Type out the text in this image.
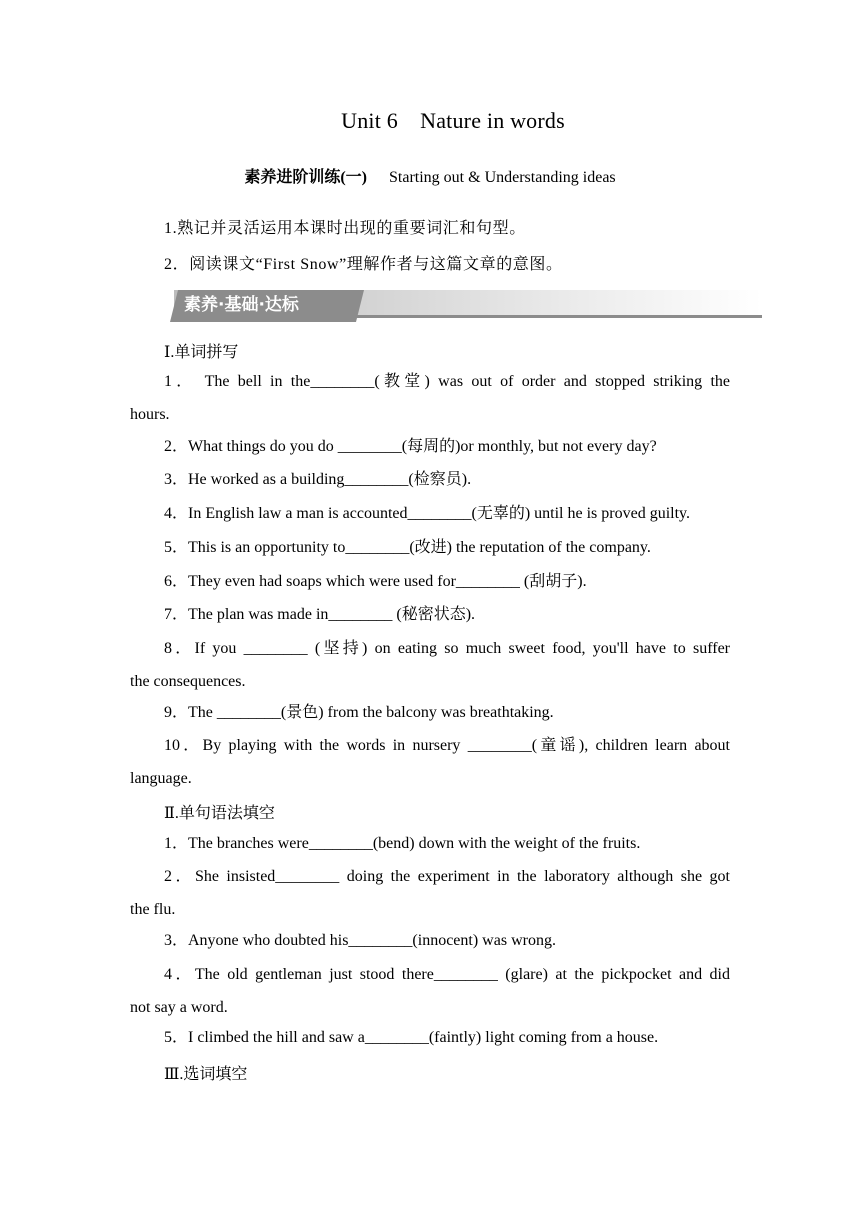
Unit 6　Nature in words
素养进阶训练(一) Starting out & Understanding ideas
1.熟记并灵活运用本课时出现的重要词汇和句型。
2．阅读课文“First Snow”理解作者与这篇文章的意图。
素养·基础·达标
Ⅰ.单词拼写
1． The bell in the________(教堂) was out of order and stopped striking the
hours.
2．What things do you do ________(每周的)or monthly, but not every day?
3．He worked as a building________(检察员).
4．In English law a man is accounted________(无辜的) until he is proved guilty.
5．This is an opportunity to________(改进) the reputation of the company.
6．They even had soaps which were used for________ (刮胡子).
7．The plan was made in________ (秘密状态).
8．If you ________ (坚持) on eating so much sweet food, you'll have to suffer
the consequences.
9．The ________(景色) from the balcony was breathtaking.
10．By playing with the words in nursery ________(童谣), children learn about
language.
Ⅱ.单句语法填空
1．The branches were________(bend) down with the weight of the fruits.
2．She insisted________ doing the experiment in the laboratory although she got
the flu.
3．Anyone who doubted his________(innocent) was wrong.
4．The old gentleman just stood there________ (glare) at the pickpocket and did
not say a word.
5．I climbed the hill and saw a________(faintly) light coming from a house.
Ⅲ.选词填空
